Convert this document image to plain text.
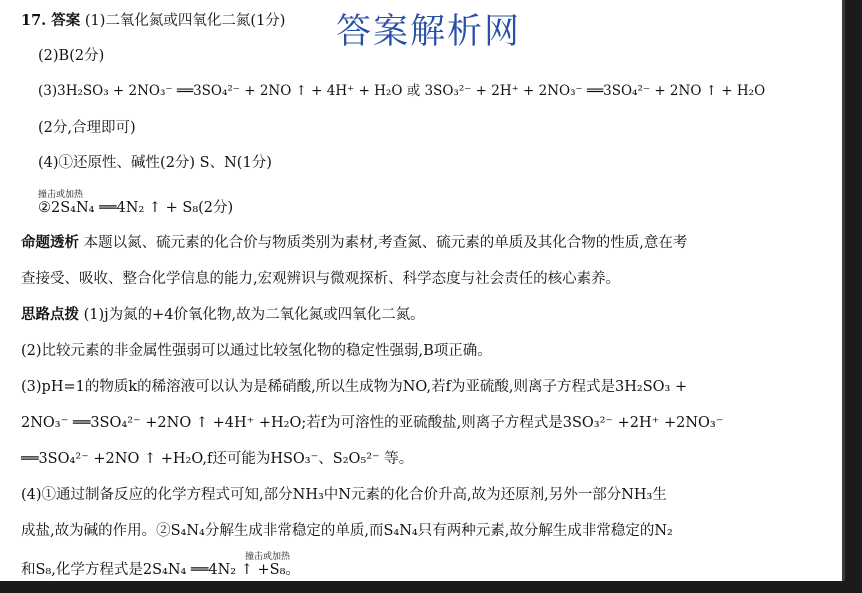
答案解析网
17. 答案 (1)二氧化氮或四氧化二氮(1分)
(2)B(2分)
(3)3H₂SO₃ + 2NO₃⁻ ══3SO₄²⁻ + 2NO ↑ + 4H⁺ + H₂O 或 3SO₃²⁻ + 2H⁺ + 2NO₃⁻ ══3SO₄²⁻ + 2NO ↑ + H₂O
(2分,合理即可)
(4)①还原性、碱性(2分) S、N(1分)
撞击或加热
②2S₄N₄ ══4N₂ ↑ + S₈(2分)
命题透析 本题以氮、硫元素的化合价与物质类别为素材,考查氮、硫元素的单质及其化合物的性质,意在考
查接受、吸收、整合化学信息的能力,宏观辨识与微观探析、科学态度与社会责任的核心素养。
思路点拨 (1)j为氮的+4价氧化物,故为二氧化氮或四氧化二氮。
(2)比较元素的非金属性强弱可以通过比较氢化物的稳定性强弱,B项正确。
(3)pH=1的物质k的稀溶液可以认为是稀硝酸,所以生成物为NO,若f为亚硫酸,则离子方程式是3H₂SO₃ +
2NO₃⁻ ══3SO₄²⁻ +2NO ↑ +4H⁺ +H₂O;若f为可溶性的亚硫酸盐,则离子方程式是3SO₃²⁻ +2H⁺ +2NO₃⁻
══3SO₄²⁻ +2NO ↑ +H₂O,f还可能为HSO₃⁻、S₂O₅²⁻ 等。
(4)①通过制备反应的化学方程式可知,部分NH₃中N元素的化合价升高,故为还原剂,另外一部分NH₃生
成盐,故为碱的作用。②S₄N₄分解生成非常稳定的单质,而S₄N₄只有两种元素,故分解生成非常稳定的N₂
撞击或加热
和S₈,化学方程式是2S₄N₄ ══4N₂ ↑ +S₈。
